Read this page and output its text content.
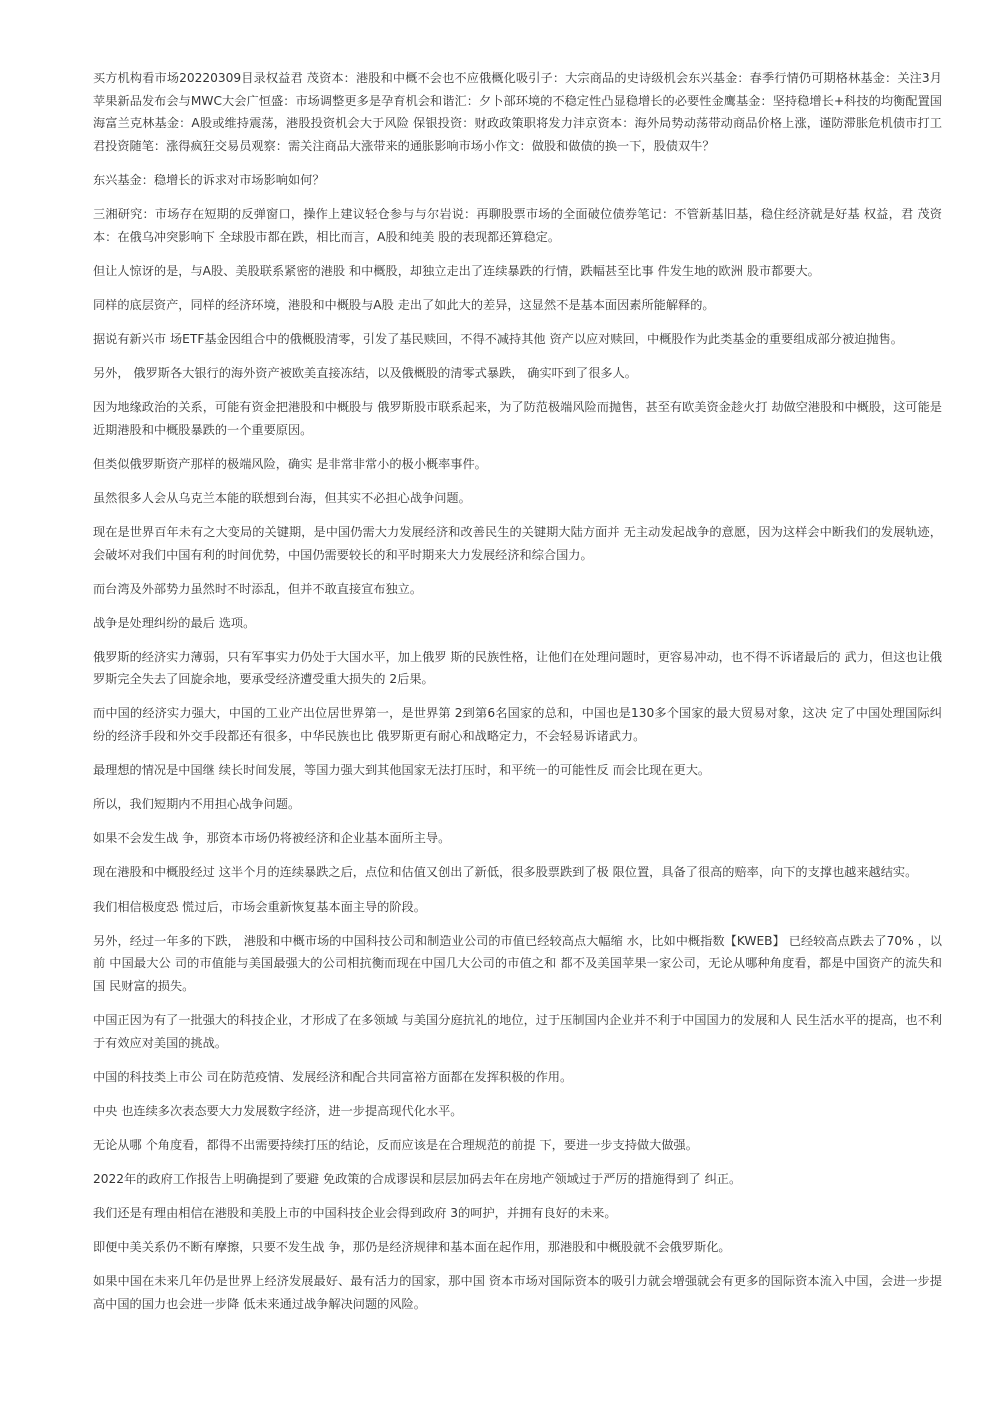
买方机构看市场20220309目录权益君 茂资本：港股和中概不会也不应俄概化吸引子：大宗商品的史诗级机会东兴基金：春季行情仍可期格林基金：关注3月苹果新品发布会与MWC大会广恒盛：市场调整更多是孕育机会和谐汇：夕卜部环境的不稳定性凸显稳增长的必要性金鹰基金：坚持稳增长+科技的均衡配置国海富兰克林基金：A股或维持震荡，港股投资机会大于风险 保银投资：财政政策职将发力沣京资本：海外局势动荡带动商品价格上涨，谨防滞胀危机债市打工君投资随笔：涨得疯狂交易员观察：需关注商品大涨带来的通胀影响市场小作文：做股和做债的换一下，股债双牛？

东兴基金：稳增长的诉求对市场影响如何？

三湘研究：市场存在短期的反弹窗口，操作上建议轻仓参与与尔岩说：再聊股票市场的全面破位债券笔记：不管新基旧基，稳住经济就是好基 权益，君 茂资本：在俄乌冲突影响下 全球股市都在跌，相比而言，A股和纯美 股的表现都还算稳定。

但让人惊讶的是，与A股、美股联系紧密的港股 和中概股，却独立走出了连续暴跌的行情，跌幅甚至比事 件发生地的欧洲 股市都要大。

同样的底层资产，同样的经济环境，港股和中概股与A股 走出了如此大的差异，这显然不是基本面因素所能解释的。

据说有新兴市 场ETF基金因组合中的俄概股清零，引发了基民赎回，不得不减持其他 资产以应对赎回，中概股作为此类基金的重要组成部分被迫抛售。

另外， 俄罗斯各大银行的海外资产被欧美直接冻结，以及俄概股的清零式暴跌， 确实吓到了很多人。

因为地缘政治的关系，可能有资金把港股和中概股与 俄罗斯股市联系起来，为了防范极端风险而抛售，甚至有欧美资金趁火打 劫做空港股和中概股，这可能是近期港股和中概股暴跌的一个重要原因。

但类似俄罗斯资产那样的极端风险，确实 是非常非常小的极小概率事件。

虽然很多人会从乌克兰本能的联想到台海，但其实不必担心战争问题。

现在是世界百年未有之大变局的关键期，是中国仍需大力发展经济和改善民生的关键期大陆方面并 无主动发起战争的意愿，因为这样会中断我们的发展轨迹，会破坏对我们中国有利的时间优势，中国仍需要较长的和平时期来大力发展经济和综合国力。

而台湾及外部势力虽然时不时添乱，但并不敢直接宣布独立。

战争是处理纠纷的最后 选项。

俄罗斯的经济实力薄弱，只有军事实力仍处于大国水平，加上俄罗 斯的民族性格，让他们在处理问题时，更容易冲动，也不得不诉诸最后的 武力，但这也让俄罗斯完全失去了回旋余地，要承受经济遭受重大损失的 2后果。

而中国的经济实力强大，中国的工业产出位居世界第一，是世界第 2到第6名国家的总和，中国也是130多个国家的最大贸易对象，这决 定了中国处理国际纠纷的经济手段和外交手段都还有很多，中华民族也比 俄罗斯更有耐心和战略定力，不会轻易诉诸武力。

最理想的情况是中国继 续长时间发展，等国力强大到其他国家无法打压时，和平统一的可能性反 而会比现在更大。

所以，我们短期内不用担心战争问题。

如果不会发生战 争，那资本市场仍将被经济和企业基本面所主导。

现在港股和中概股经过 这半个月的连续暴跌之后，点位和估值又创出了新低，很多股票跌到了极 限位置，具备了很高的赔率，向下的支撑也越来越结实。

我们相信极度恐 慌过后，市场会重新恢复基本面主导的阶段。

另外，经过一年多的下跌， 港股和中概市场的中国科技公司和制造业公司的市值已经较高点大幅缩 水，比如中概指数【KWEB】 已经较高点跌去了70% ，以前 中国最大公 司的市值能与美国最强大的公司相抗衡而现在中国几大公司的市值之和 都不及美国苹果一家公司，无论从哪种角度看，都是中国资产的流失和国 民财富的损失。

中国正因为有了一批强大的科技企业，才形成了在多领域 与美国分庭抗礼的地位，过于压制国内企业并不利于中国国力的发展和人 民生活水平的提高，也不利于有效应对美国的挑战。

中国的科技类上市公 司在防范疫情、发展经济和配合共同富裕方面都在发挥积极的作用。

中央 也连续多次表态要大力发展数字经济，进一步提高现代化水平。

无论从哪 个角度看，都得不出需要持续打压的结论，反而应该是在合理规范的前提 下，要进一步支持做大做强。

2022年的政府工作报告上明确提到了要避 免政策的合成谬误和层层加码去年在房地产领域过于严厉的措施得到了 纠正。

我们还是有理由相信在港股和美股上市的中国科技企业会得到政府 3的呵护，并拥有良好的未来。

即便中美关系仍不断有摩擦，只要不发生战 争，那仍是经济规律和基本面在起作用，那港股和中概股就不会俄罗斯化。

如果中国在未来几年仍是世界上经济发展最好、最有活力的国家，那中国 资本市场对国际资本的吸引力就会增强就会有更多的国际资本流入中国，会进一步提高中国的国力也会进一步降 低未来通过战争解决问题的风险。
